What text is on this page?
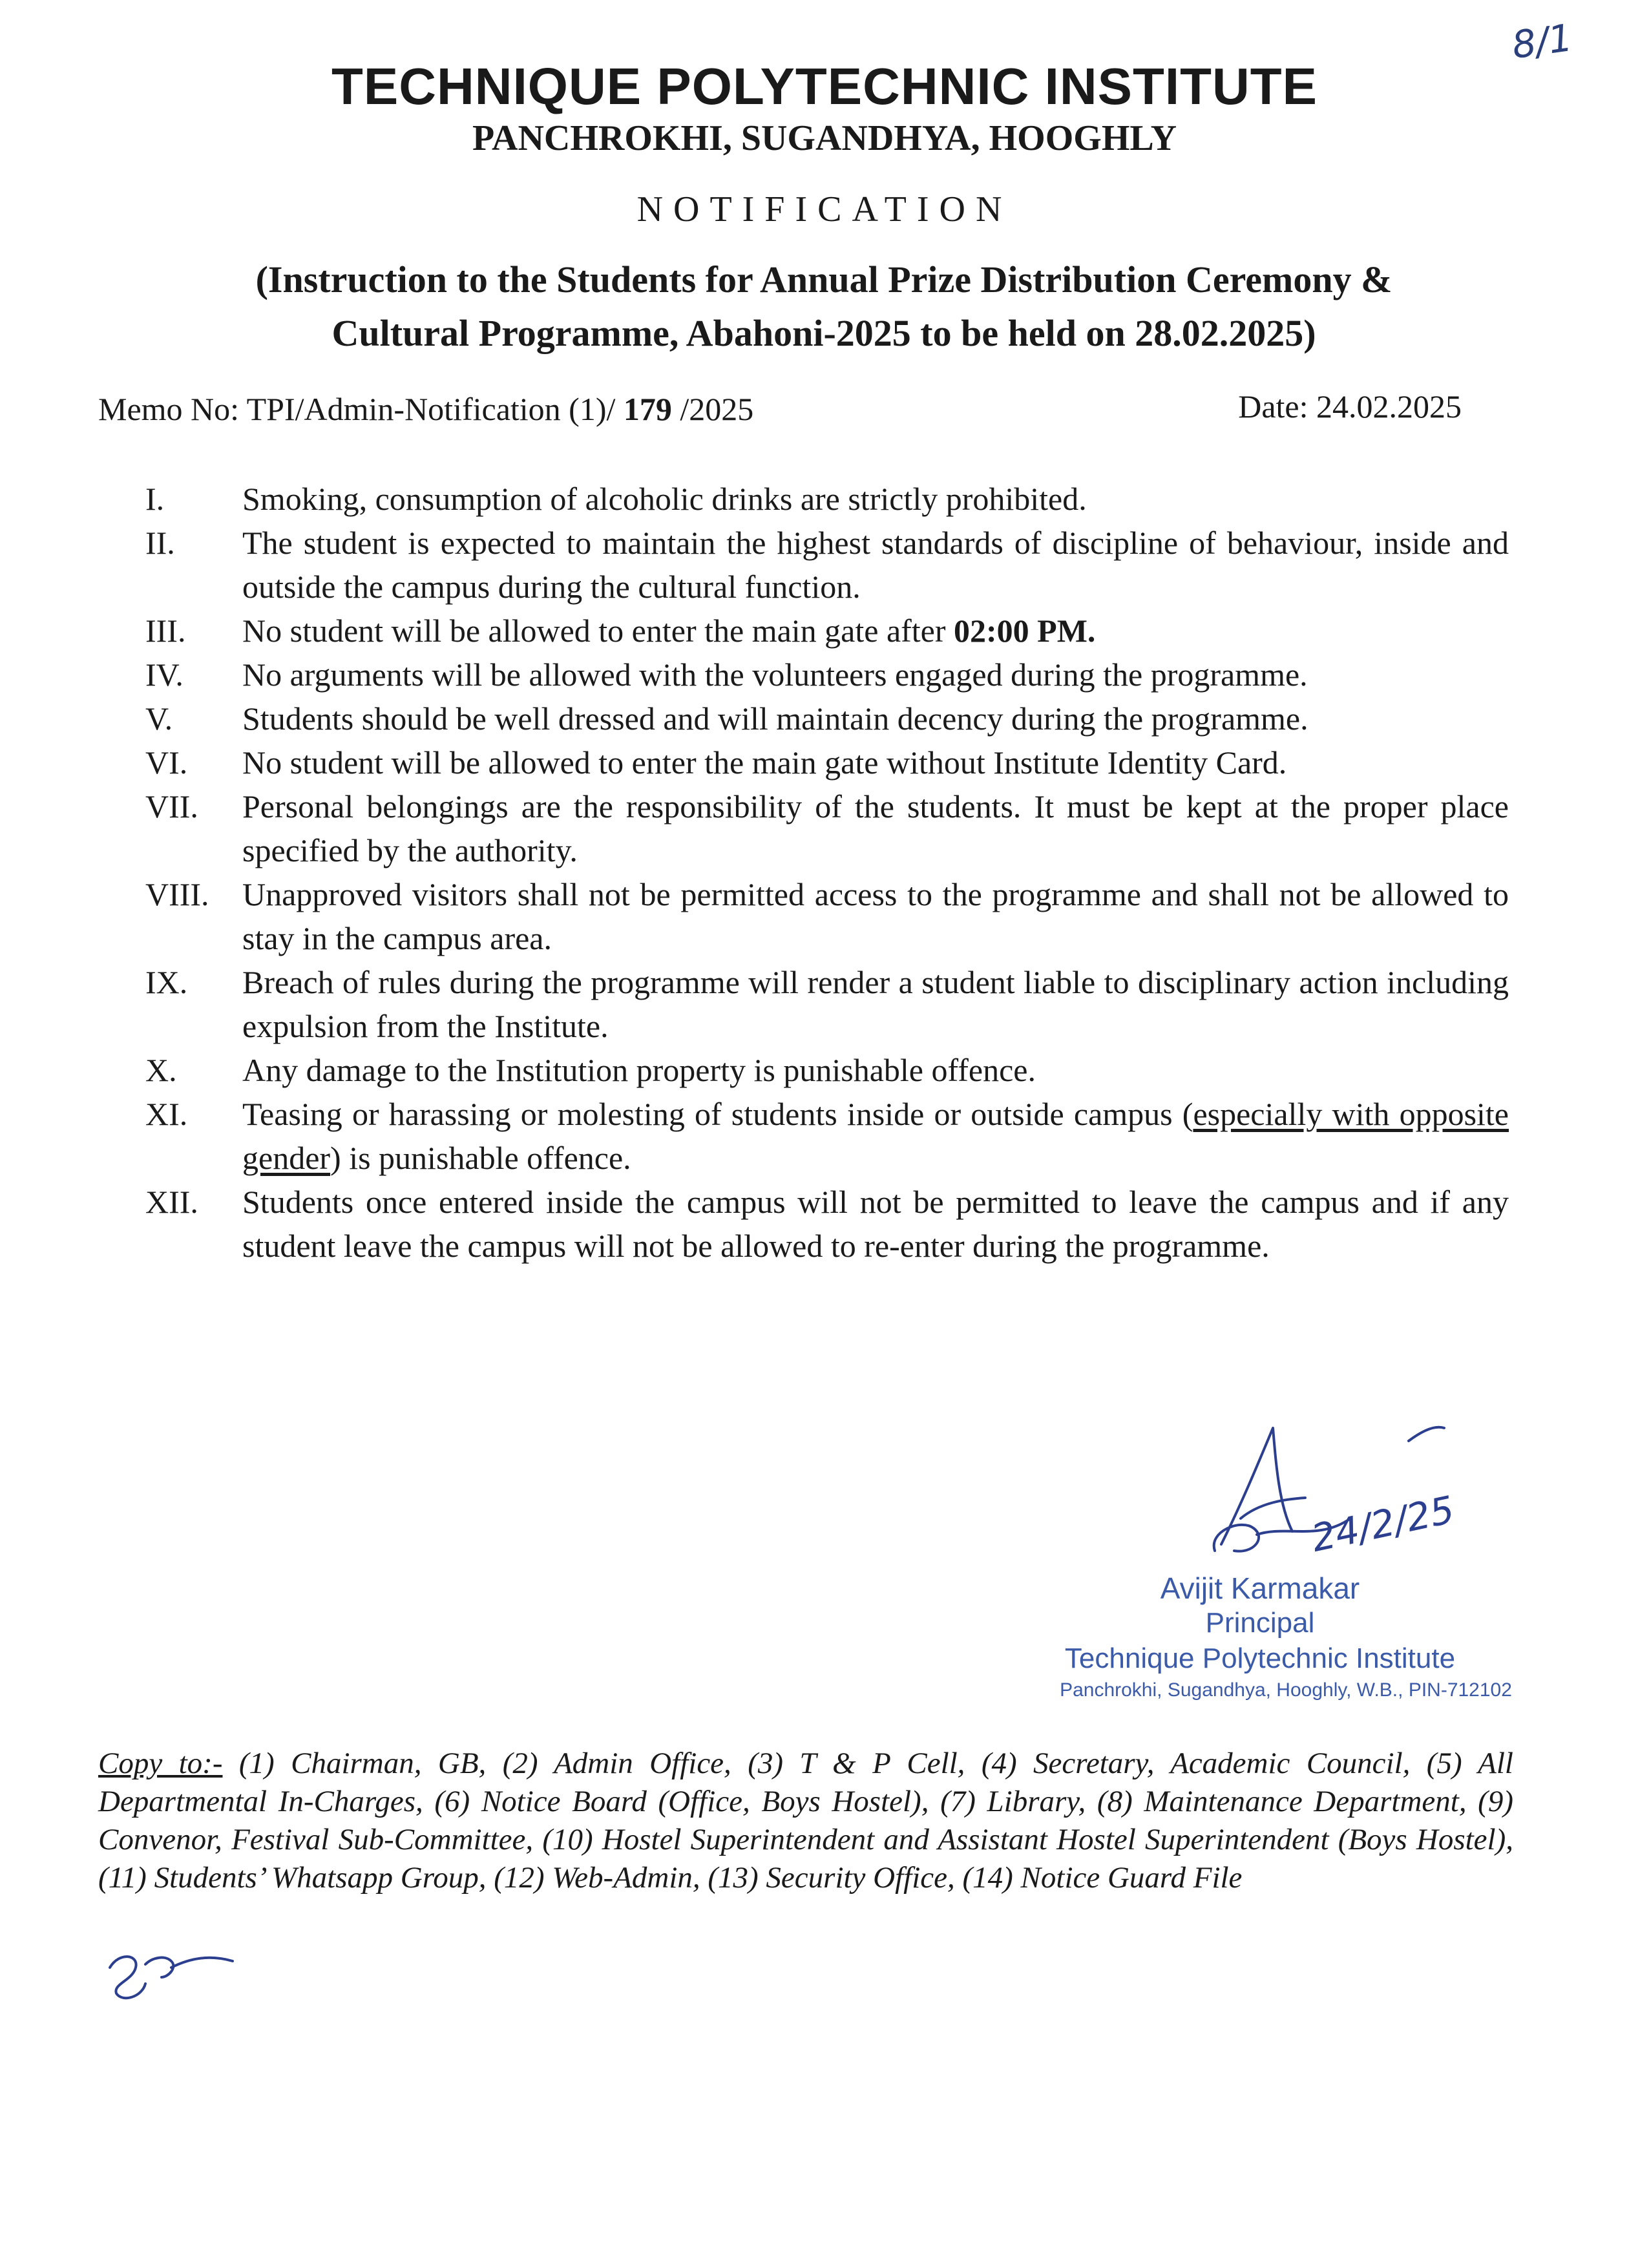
8/1
TECHNIQUE POLYTECHNIC INSTITUTE
PANCHROKHI, SUGANDHYA, HOOGHLY
NOTIFICATION
(Instruction to the Students for Annual Prize Distribution Ceremony &
Cultural Programme, Abahoni-2025 to be held on 28.02.2025)
Memo No: TPI/Admin-Notification (1)/ 179 /2025	Date: 24.02.2025
I.	Smoking, consumption of alcoholic drinks are strictly prohibited.
II.	The student is expected to maintain the highest standards of discipline of behaviour, inside and outside the campus during the cultural function.
III.	No student will be allowed to enter the main gate after 02:00 PM.
IV.	No arguments will be allowed with the volunteers engaged during the programme.
V.	Students should be well dressed and will maintain decency during the programme.
VI.	No student will be allowed to enter the main gate without Institute Identity Card.
VII.	Personal belongings are the responsibility of the students. It must be kept at the proper place specified by the authority.
VIII.	Unapproved visitors shall not be permitted access to the programme and shall not be allowed to stay in the campus area.
IX.	Breach of rules during the programme will render a student liable to disciplinary action including expulsion from the Institute.
X.	Any damage to the Institution property is punishable offence.
XI.	Teasing or harassing or molesting of students inside or outside campus (especially with opposite gender) is punishable offence.
XII.	Students once entered inside the campus will not be permitted to leave the campus and if any student leave the campus will not be allowed to re-enter during the programme.
24/2/25
Avijit Karmakar
Principal
Technique Polytechnic Institute
Panchrokhi, Sugandhya, Hooghly, W.B., PIN-712102
Copy to:- (1) Chairman, GB, (2) Admin Office, (3) T & P Cell, (4) Secretary, Academic Council, (5) All Departmental In-Charges, (6) Notice Board (Office, Boys Hostel), (7) Library, (8) Maintenance Department, (9) Convenor, Festival Sub-Committee, (10) Hostel Superintendent and Assistant Hostel Superintendent (Boys Hostel), (11) Students’ Whatsapp Group, (12) Web-Admin, (13) Security Office, (14) Notice Guard File
